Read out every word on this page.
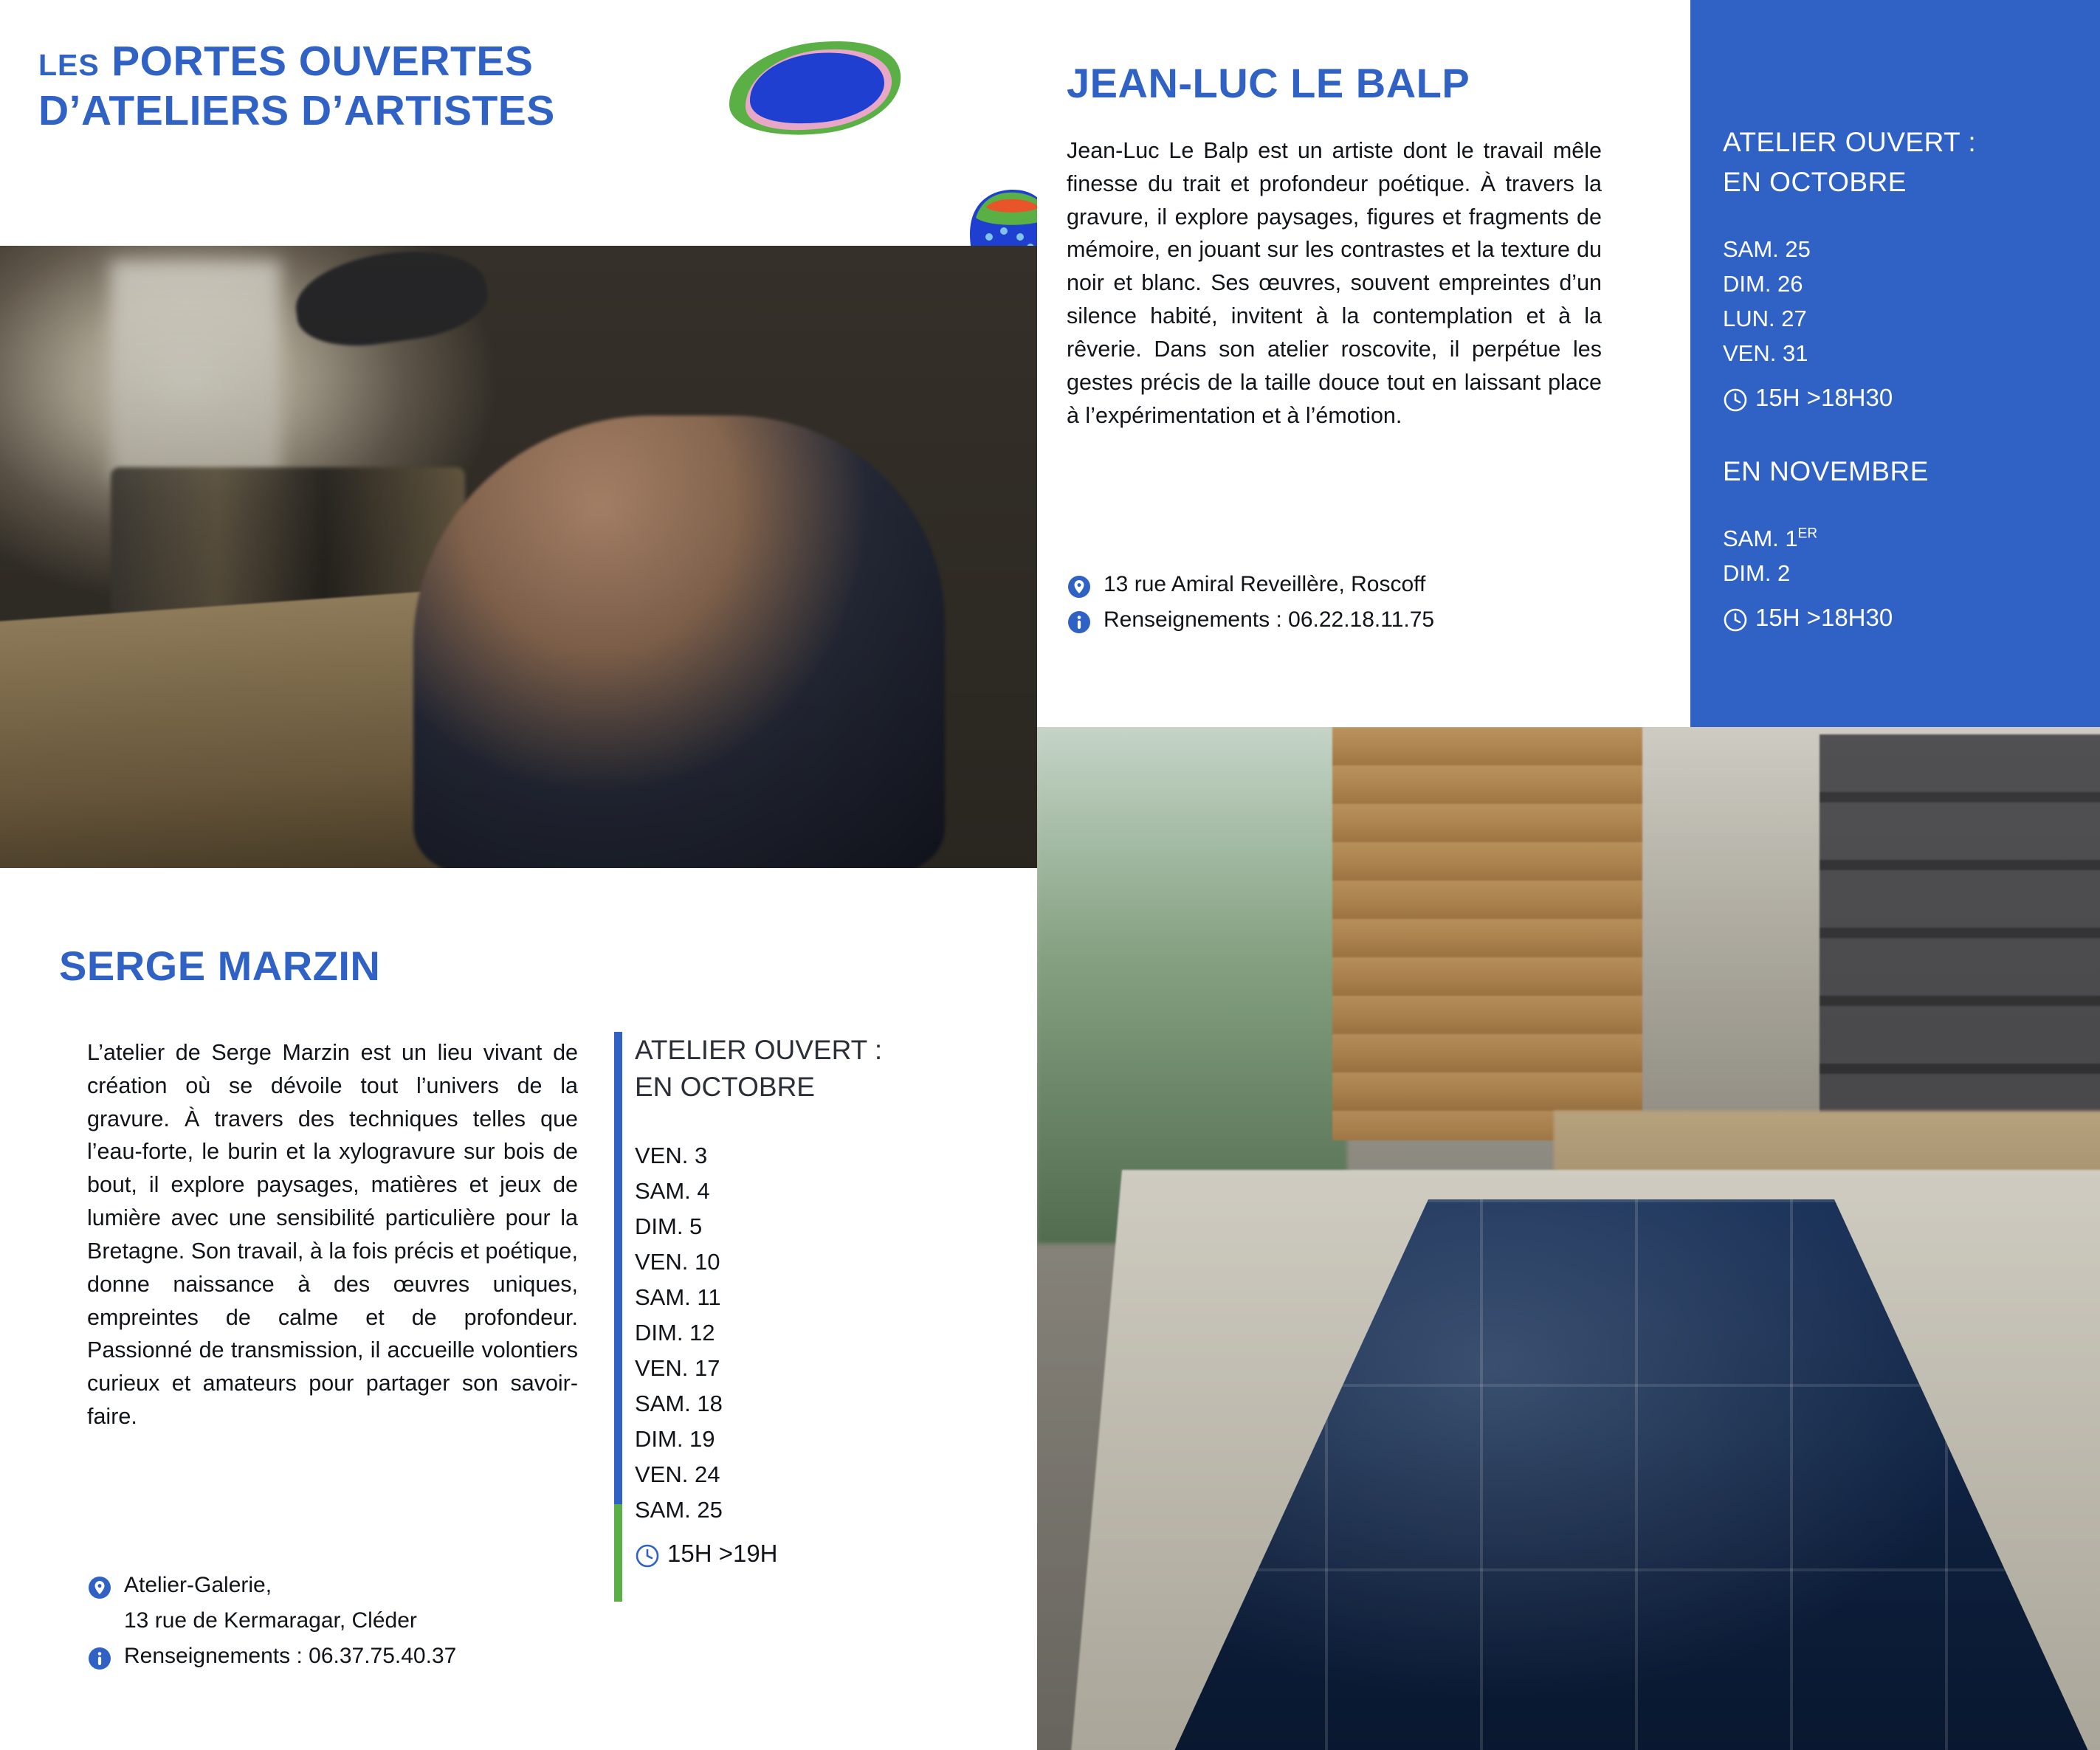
LES PORTES OUVERTES
D’ATELIERS D’ARTISTES
JEAN-LUC LE BALP
Jean-Luc Le Balp est un artiste dont le travail mêle finesse du trait et profondeur poétique. À travers la gravure, il explore paysages, figures et fragments de mémoire, en jouant sur les contrastes et la texture du noir et blanc. Ses œuvres, souvent empreintes d’un silence habité, invitent à la contemplation et à la rêverie. Dans son atelier roscovite, il perpétue les gestes précis de la taille douce tout en laissant place à l’expérimentation et à l’émotion.
13 rue Amiral Reveillère, Roscoff
Renseignements : 06.22.18.11.75
ATELIER OUVERT :
EN OCTOBRE
SAM. 25
DIM. 26
LUN. 27
VEN. 31
15H >18H30
EN NOVEMBRE
SAM. 1ER
DIM. 2
15H >18H30
SERGE MARZIN
L’atelier de Serge Marzin est un lieu vivant de création où se dévoile tout l’univers de la gravure. À travers des techniques telles que l’eau-forte, le burin et la xylogravure sur bois de bout, il explore paysages, matières et jeux de lumière avec une sensibilité particulière pour la Bretagne. Son travail, à la fois précis et poétique, donne naissance à des œuvres uniques, empreintes de calme et de profondeur. Passionné de transmission, il accueille volontiers curieux et amateurs pour partager son savoir-faire.
Atelier-Galerie,
13 rue de Kermaragar, Cléder
Renseignements : 06.37.75.40.37
ATELIER OUVERT :
EN OCTOBRE
VEN. 3
SAM. 4
DIM. 5
VEN. 10
SAM. 11
DIM. 12
VEN. 17
SAM. 18
DIM. 19
VEN. 24
SAM. 25
15H >19H
